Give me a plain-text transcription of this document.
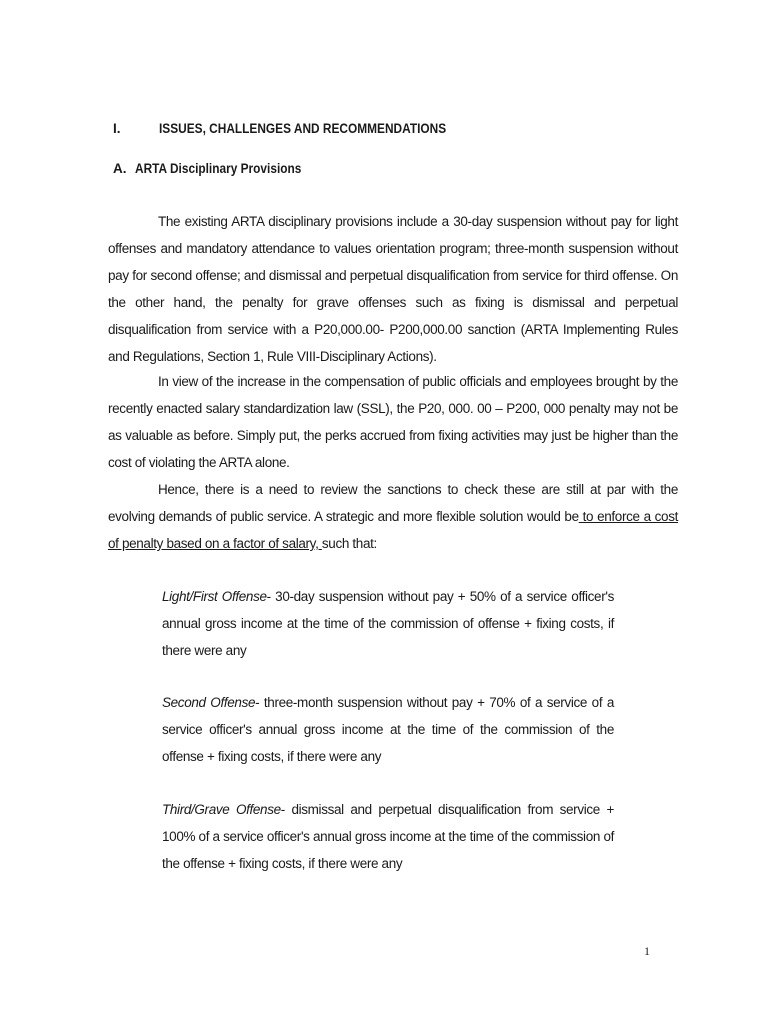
I.	ISSUES, CHALLENGES AND RECOMMENDATIONS
A. ARTA Disciplinary Provisions
The existing ARTA disciplinary provisions include a 30-day suspension without pay for light offenses and mandatory attendance to values orientation program; three-month suspension without pay for second offense; and dismissal and perpetual disqualification from service for third offense. On the other hand, the penalty for grave offenses such as fixing is dismissal and perpetual disqualification from service with a P20,000.00- P200,000.00 sanction (ARTA Implementing Rules and Regulations, Section 1, Rule VIII-Disciplinary Actions).
In view of the increase in the compensation of public officials and employees brought by the recently enacted salary standardization law (SSL), the P20, 000. 00 – P200, 000 penalty may not be as valuable as before. Simply put, the perks accrued from fixing activities may just be higher than the cost of violating the ARTA alone.
Hence, there is a need to review the sanctions to check these are still at par with the evolving demands of public service. A strategic and more flexible solution would be to enforce a cost of penalty based on a factor of salary, such that:
Light/First Offense- 30-day suspension without pay + 50% of a service officer's annual gross income at the time of the commission of offense + fixing costs, if there were any
Second Offense- three-month suspension without pay + 70% of a service of a service officer's annual gross income at the time of the commission of the offense + fixing costs, if there were any
Third/Grave Offense- dismissal and perpetual disqualification from service + 100% of a service officer's annual gross income at the time of the commission of the offense + fixing costs, if there were any
1
